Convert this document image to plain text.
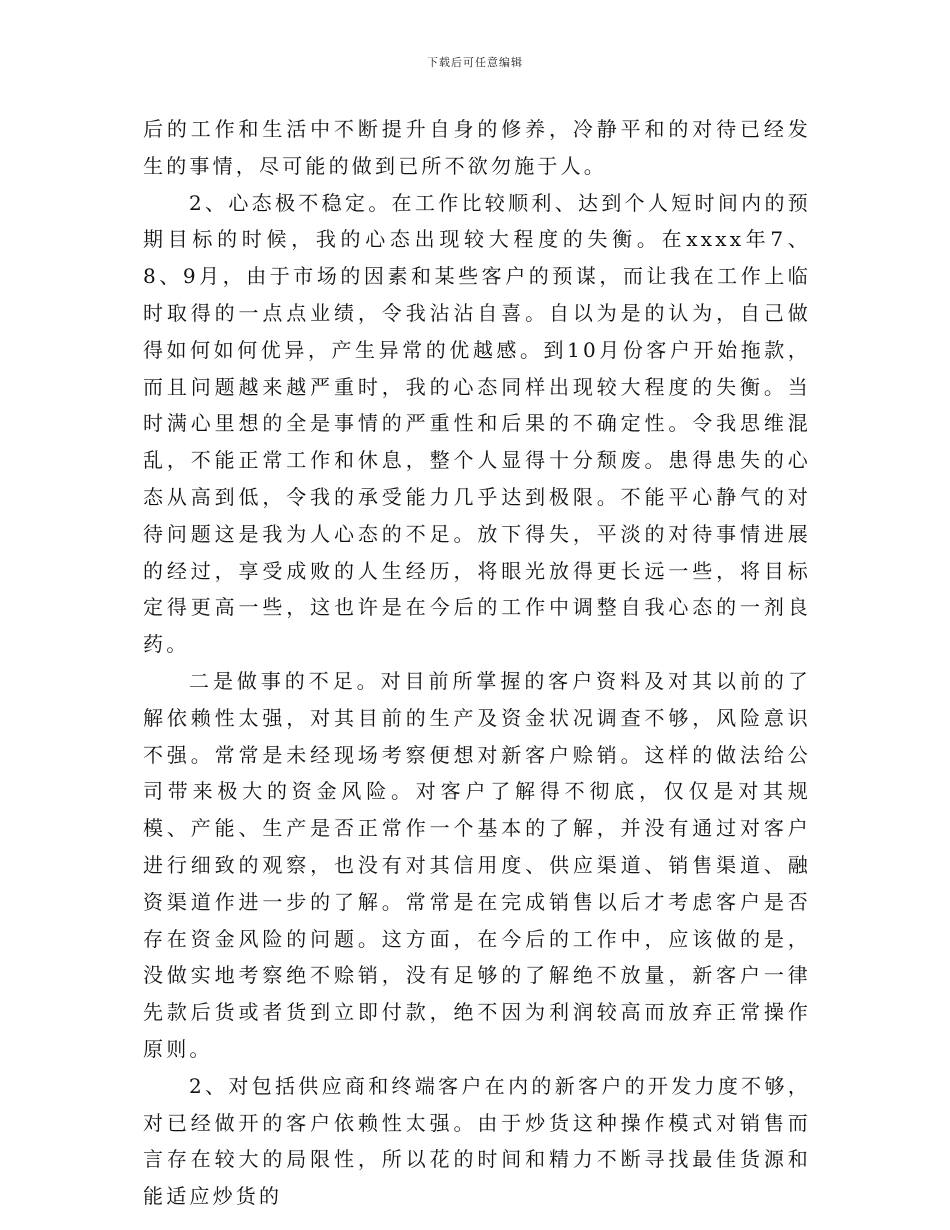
下载后可任意编辑

后的工作和生活中不断提升自身的修养，冷静平和的对待已经发生的事情，尽可能的做到已所不欲勿施于人。

2、心态极不稳定。在工作比较顺利、达到个人短时间内的预期目标的时候，我的心态出现较大程度的失衡。在xxxx年7、8、9月，由于市场的因素和某些客户的预谋，而让我在工作上临时取得的一点点业绩，令我沾沾自喜。自以为是的认为，自己做得如何如何优异，产生异常的优越感。到10月份客户开始拖款，而且问题越来越严重时，我的心态同样出现较大程度的失衡。当时满心里想的全是事情的严重性和后果的不确定性。令我思维混乱，不能正常工作和休息，整个人显得十分颓废。患得患失的心态从高到低，令我的承受能力几乎达到极限。不能平心静气的对待问题这是我为人心态的不足。放下得失，平淡的对待事情进展的经过，享受成败的人生经历，将眼光放得更长远一些，将目标定得更高一些，这也许是在今后的工作中调整自我心态的一剂良药。

二是做事的不足。对目前所掌握的客户资料及对其以前的了解依赖性太强，对其目前的生产及资金状况调查不够，风险意识不强。常常是未经现场考察便想对新客户赊销。这样的做法给公司带来极大的资金风险。对客户了解得不彻底，仅仅是对其规模、产能、生产是否正常作一个基本的了解，并没有通过对客户进行细致的观察，也没有对其信用度、供应渠道、销售渠道、融资渠道作进一步的了解。常常是在完成销售以后才考虑客户是否存在资金风险的问题。这方面，在今后的工作中，应该做的是，没做实地考察绝不赊销，没有足够的了解绝不放量，新客户一律先款后货或者货到立即付款，绝不因为利润较高而放弃正常操作原则。

2、对包括供应商和终端客户在内的新客户的开发力度不够，对已经做开的客户依赖性太强。由于炒货这种操作模式对销售而言存在较大的局限性，所以花的时间和精力不断寻找最佳货源和能适应炒货的
